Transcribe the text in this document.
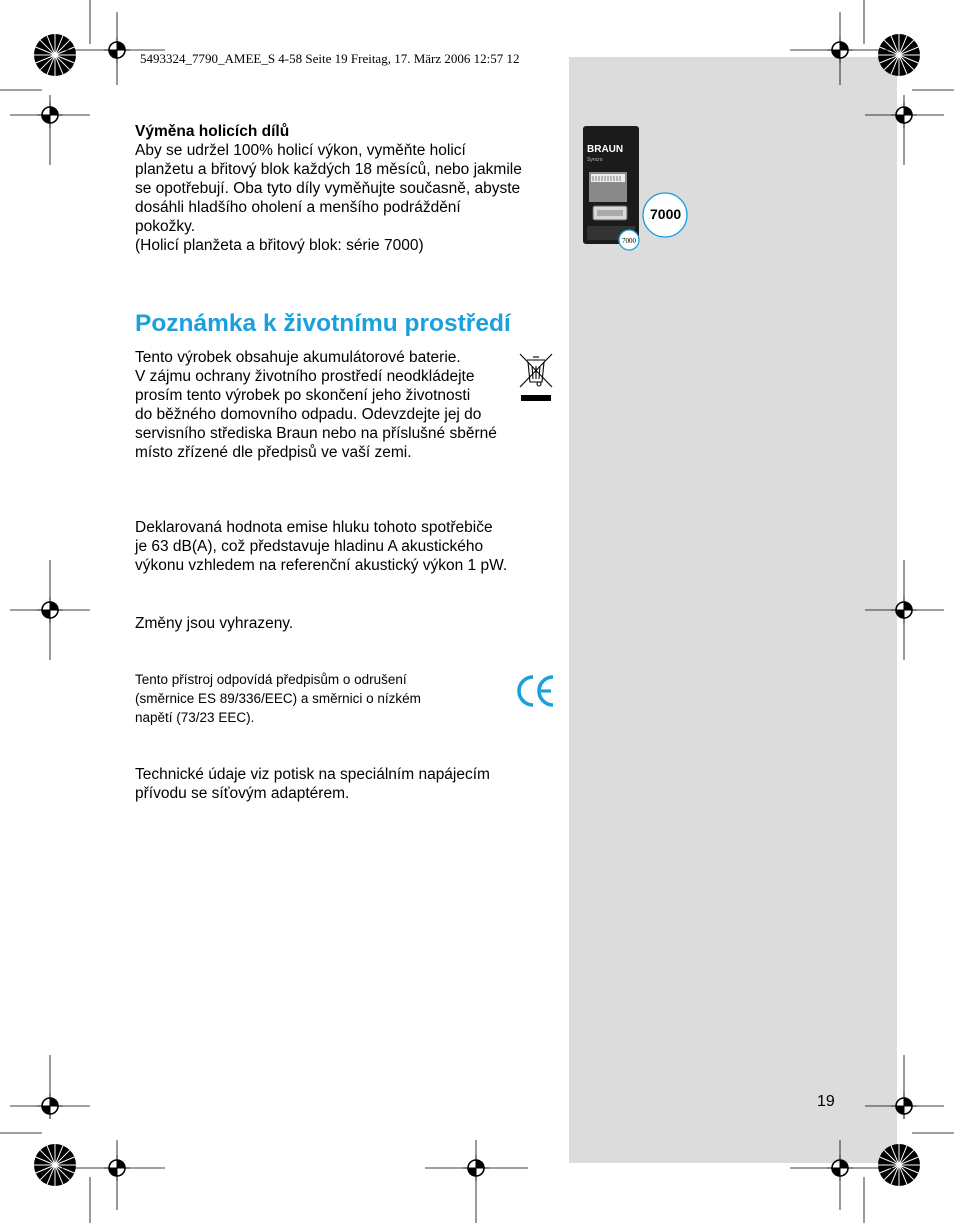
5493324_7790_AMEE_S 4-58 Seite 19 Freitag, 17. März 2006 12:57 12
Výměna holicích dílů
Aby se udržel 100% holicí výkon, vyměňte holicí
planžetu a břitový blok každých 18 měsíců, nebo jakmile
se opotřebují. Oba tyto díly vyměňujte současně, abyste
dosáhli hladšího oholení a menšího podráždění
pokožky.
(Holicí planžeta a břitový blok: série 7000)
BRAUN
Syncro
7000
7000
Poznámka k životnímu prostředí
Tento výrobek obsahuje akumulátorové baterie.
V zájmu ochrany životního prostředí neodkládejte
prosím tento výrobek po skončení jeho životnosti
do běžného domovního odpadu. Odevzdejte jej do
servisního střediska Braun nebo na příslušné sběrné
místo zřízené dle předpisů ve vaší zemi.
Deklarovaná hodnota emise hluku tohoto spotřebiče
je 63 dB(A), což představuje hladinu A akustického
výkonu vzhledem na referenční akustický výkon 1 pW.
Změny jsou vyhrazeny.
Tento přístroj odpovídá předpisům o odrušení
(směrnice ES 89/336/EEC) a směrnici o nízkém
napětí (73/23 EEC).
Technické údaje viz potisk na speciálním napájecím
přívodu se síťovým adaptérem.
19
